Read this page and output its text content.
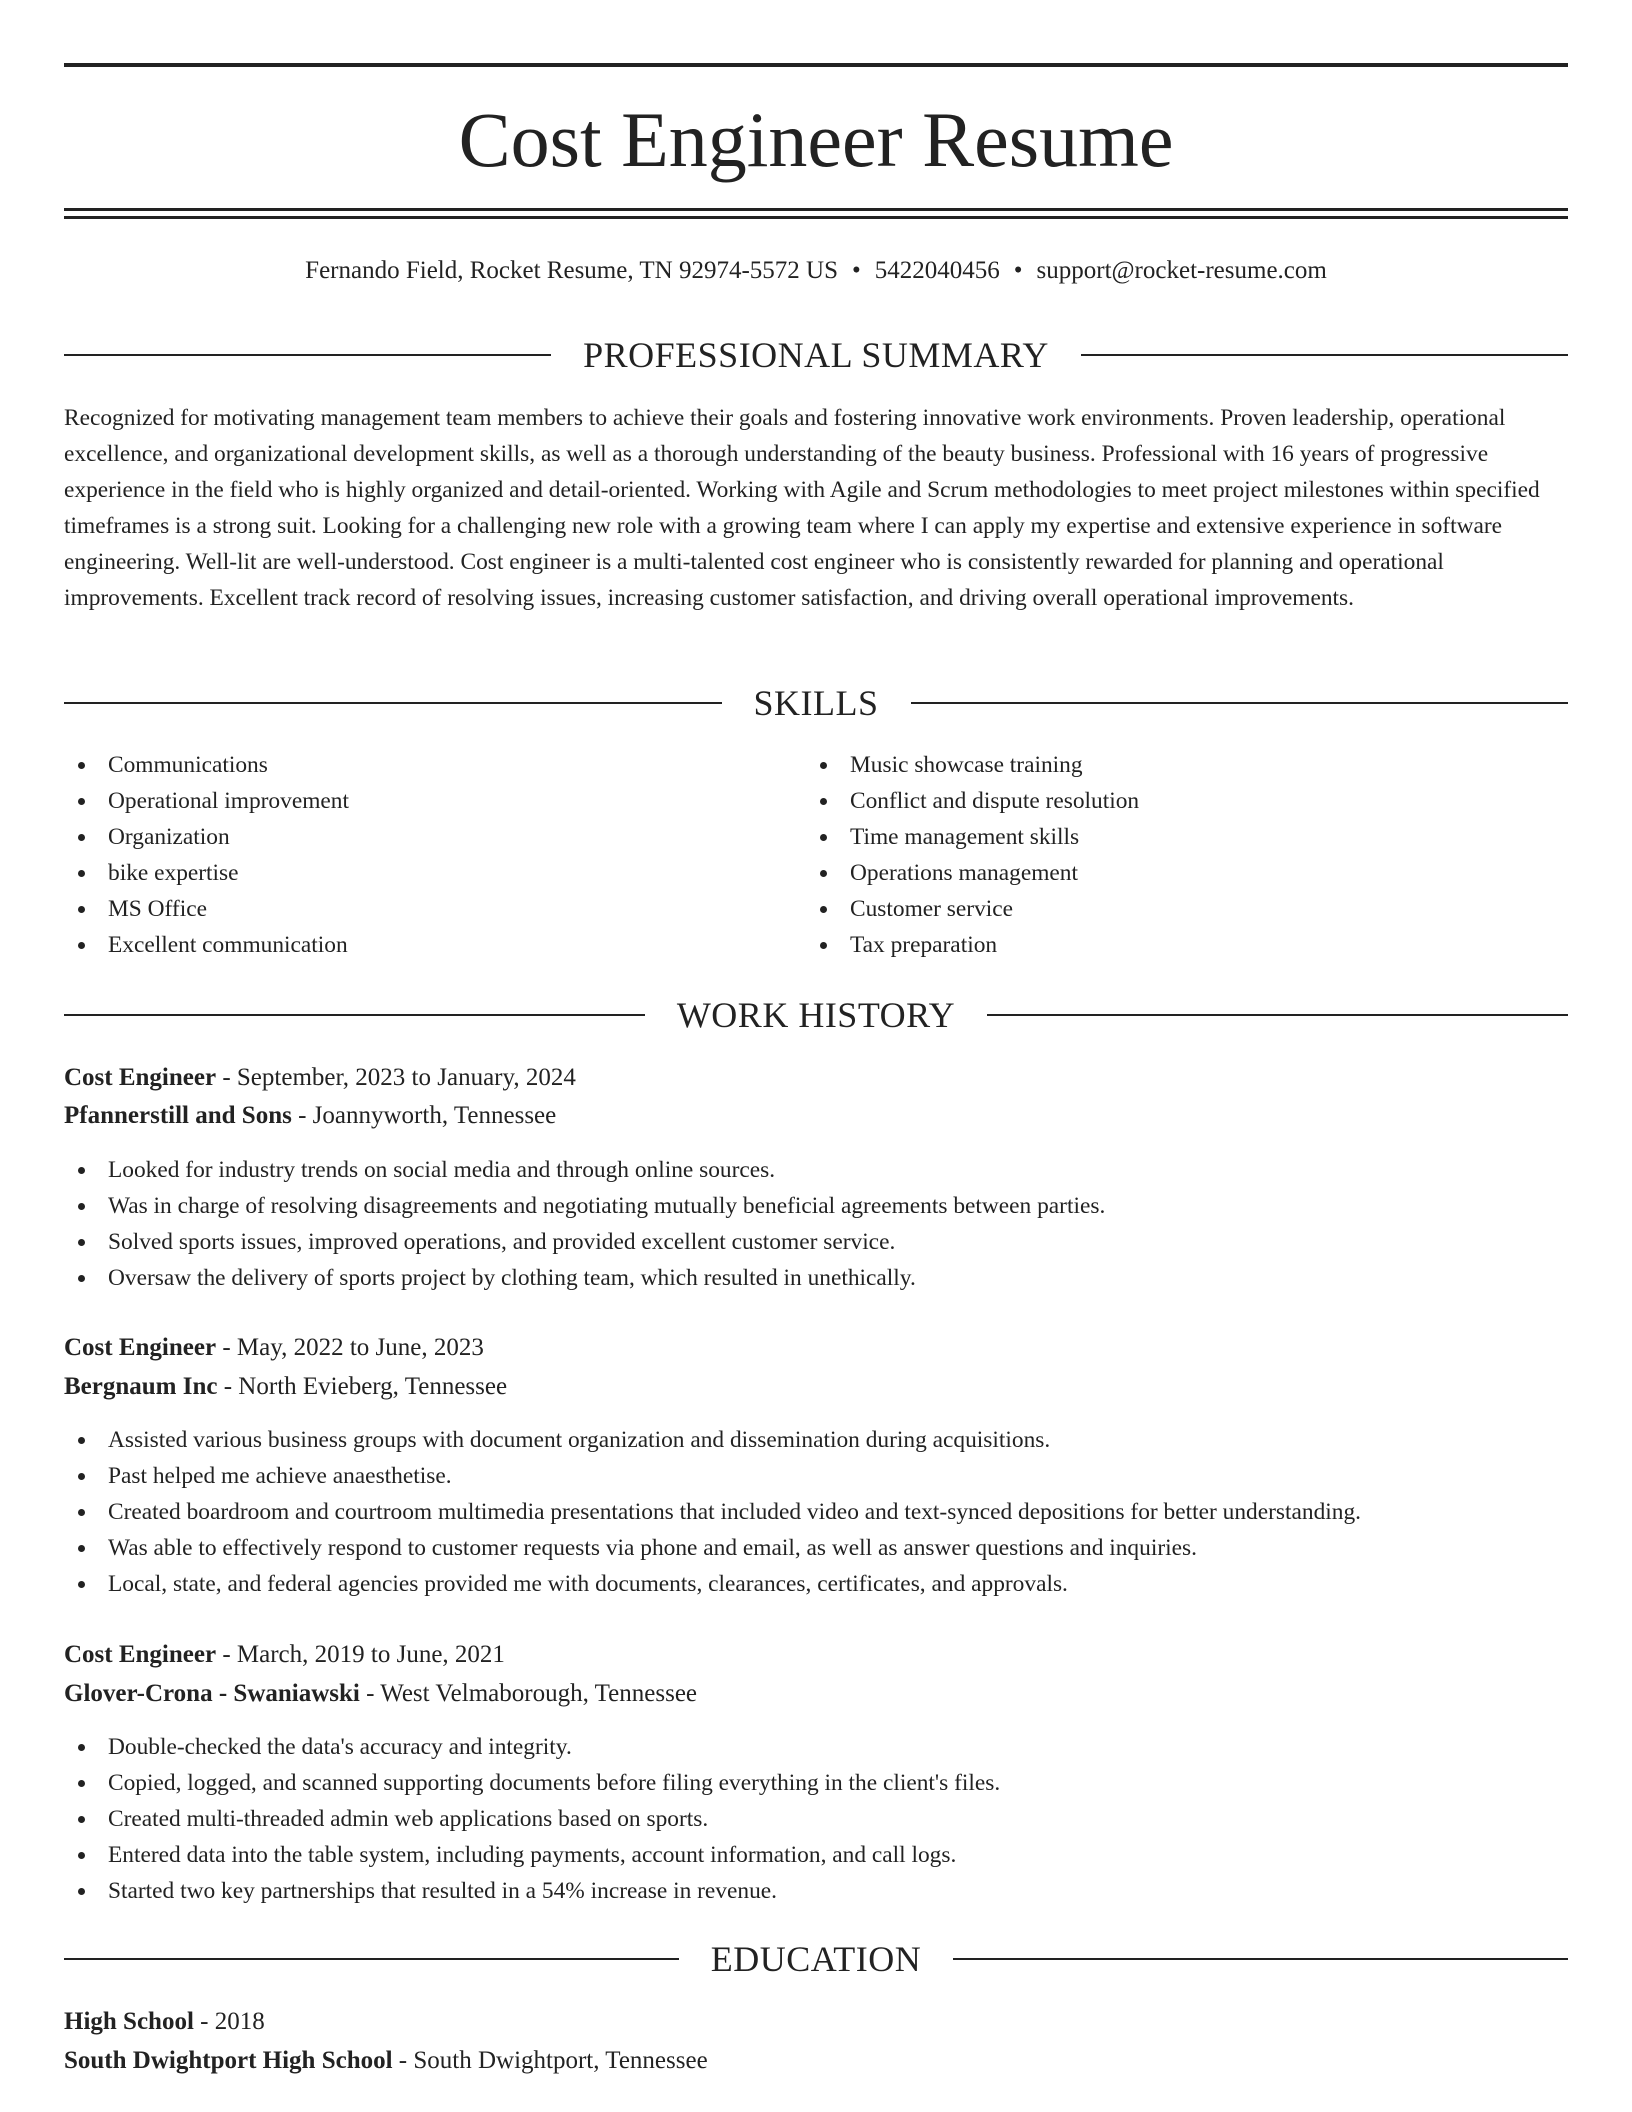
Cost Engineer Resume
Fernando Field, Rocket Resume, TN 92974-5572 US • 5422040456 • support@rocket-resume.com
PROFESSIONAL SUMMARY

Recognized for motivating management team members to achieve their goals and fostering innovative work environments. Proven leadership, operational excellence, and organizational development skills, as well as a thorough understanding of the beauty business. Professional with 16 years of progressive experience in the field who is highly organized and detail-oriented. Working with Agile and Scrum methodologies to meet project milestones within specified timeframes is a strong suit. Looking for a challenging new role with a growing team where I can apply my expertise and extensive experience in software engineering. Well-lit are well-understood. Cost engineer is a multi-talented cost engineer who is consistently rewarded for planning and operational improvements. Excellent track record of resolving issues, increasing customer satisfaction, and driving overall operational improvements.

SKILLS
Communications
Operational improvement
Organization
bike expertise
MS Office
Excellent communication
Music showcase training
Conflict and dispute resolution
Time management skills
Operations management
Customer service
Tax preparation
WORK HISTORY
Cost Engineer - September, 2023 to January, 2024
Pfannerstill and Sons - Joannyworth, Tennessee
Looked for industry trends on social media and through online sources.
Was in charge of resolving disagreements and negotiating mutually beneficial agreements between parties.
Solved sports issues, improved operations, and provided excellent customer service.
Oversaw the delivery of sports project by clothing team, which resulted in unethically.
Cost Engineer - May, 2022 to June, 2023
Bergnaum Inc - North Evieberg, Tennessee
Assisted various business groups with document organization and dissemination during acquisitions.
Past helped me achieve anaesthetise.
Created boardroom and courtroom multimedia presentations that included video and text-synced depositions for better understanding.
Was able to effectively respond to customer requests via phone and email, as well as answer questions and inquiries.
Local, state, and federal agencies provided me with documents, clearances, certificates, and approvals.
Cost Engineer - March, 2019 to June, 2021
Glover-Crona - Swaniawski - West Velmaborough, Tennessee
Double-checked the data's accuracy and integrity.
Copied, logged, and scanned supporting documents before filing everything in the client's files.
Created multi-threaded admin web applications based on sports.
Entered data into the table system, including payments, account information, and call logs.
Started two key partnerships that resulted in a 54% increase in revenue.
EDUCATION
High School - 2018
South Dwightport High School - South Dwightport, Tennessee
